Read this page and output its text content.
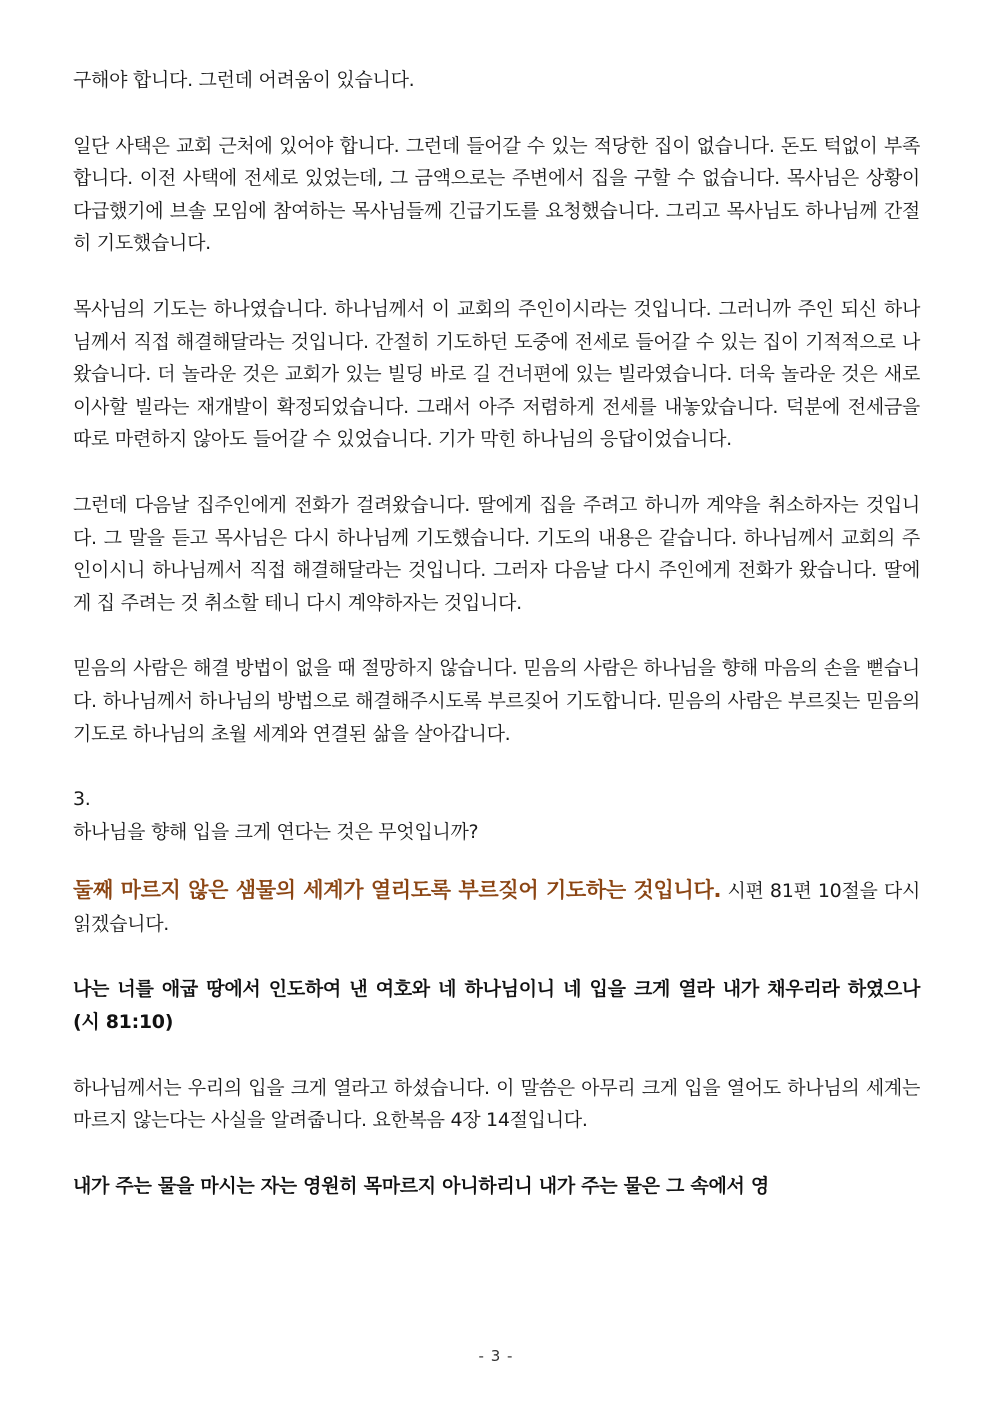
구해야 합니다. 그런데 어려움이 있습니다.

일단 사택은 교회 근처에 있어야 합니다. 그런데 들어갈 수 있는 적당한 집이 없습니다. 돈도 턱없이 부족합니다. 이전 사택에 전세로 있었는데, 그 금액으로는 주변에서 집을 구할 수 없습니다. 목사님은 상황이 다급했기에 브솔 모임에 참여하는 목사님들께 긴급기도를 요청했습니다. 그리고 목사님도 하나님께 간절히 기도했습니다.

목사님의 기도는 하나였습니다. 하나님께서 이 교회의 주인이시라는 것입니다. 그러니까 주인 되신 하나님께서 직접 해결해달라는 것입니다. 간절히 기도하던 도중에 전세로 들어갈 수 있는 집이 기적적으로 나왔습니다. 더 놀라운 것은 교회가 있는 빌딩 바로 길 건너편에 있는 빌라였습니다. 더욱 놀라운 것은 새로 이사할 빌라는 재개발이 확정되었습니다. 그래서 아주 저렴하게 전세를 내놓았습니다. 덕분에 전세금을 따로 마련하지 않아도 들어갈 수 있었습니다. 기가 막힌 하나님의 응답이었습니다.

그런데 다음날 집주인에게 전화가 걸려왔습니다. 딸에게 집을 주려고 하니까 계약을 취소하자는 것입니다. 그 말을 듣고 목사님은 다시 하나님께 기도했습니다. 기도의 내용은 같습니다. 하나님께서 교회의 주인이시니 하나님께서 직접 해결해달라는 것입니다. 그러자 다음날 다시 주인에게 전화가 왔습니다. 딸에게 집 주려는 것 취소할 테니 다시 계약하자는 것입니다.

믿음의 사람은 해결 방법이 없을 때 절망하지 않습니다. 믿음의 사람은 하나님을 향해 마음의 손을 뻗습니다. 하나님께서 하나님의 방법으로 해결해주시도록 부르짖어 기도합니다. 믿음의 사람은 부르짖는 믿음의 기도로 하나님의 초월 세계와 연결된 삶을 살아갑니다.

3.

하나님을 향해 입을 크게 연다는 것은 무엇입니까?

둘째 마르지 않은 샘물의 세계가 열리도록 부르짖어 기도하는 것입니다. 시편 81편 10절을 다시 읽겠습니다.

나는 너를 애굽 땅에서 인도하여 낸 여호와 네 하나님이니 네 입을 크게 열라 내가 채우리라 하였으나 (시 81:10)

하나님께서는 우리의 입을 크게 열라고 하셨습니다. 이 말씀은 아무리 크게 입을 열어도 하나님의 세계는 마르지 않는다는 사실을 알려줍니다. 요한복음 4장 14절입니다.

내가 주는 물을 마시는 자는 영원히 목마르지 아니하리니 내가 주는 물은 그 속에서 영

- 3 -
